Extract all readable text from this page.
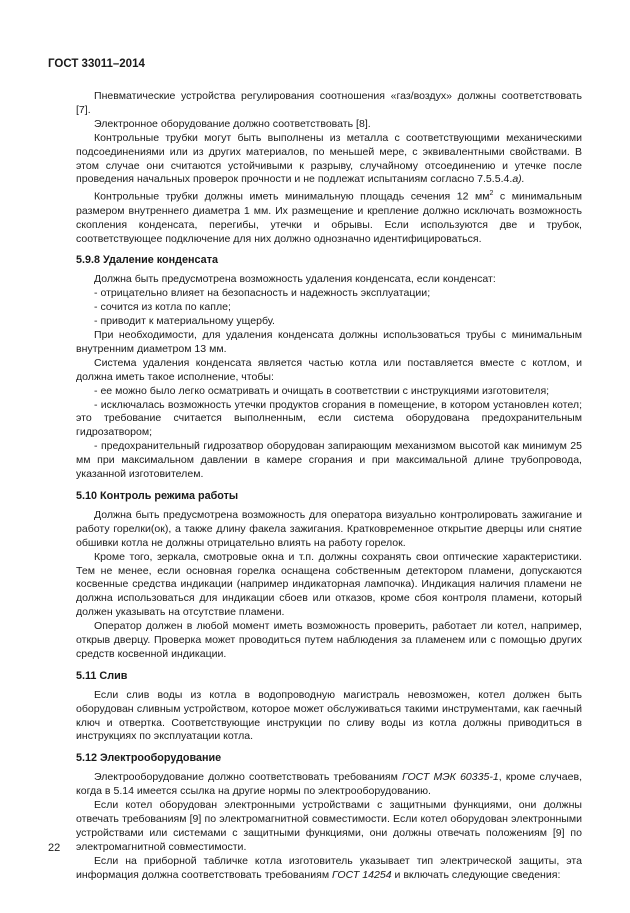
ГОСТ 33011–2014

Пневматические устройства регулирования соотношения «газ/воздух» должны соответствовать [7].

Электронное оборудование должно соответствовать [8].

Контрольные трубки могут быть выполнены из металла с соответствующими механическими подсоединениями или из других материалов, по меньшей мере, с эквивалентными свойствами. В этом случае они считаются устойчивыми к разрыву, случайному отсоединению и утечке после проведения начальных проверок прочности и не подлежат испытаниям согласно 7.5.5.4.а).

Контрольные трубки должны иметь минимальную площадь сечения 12 $мм^2$ с минимальным размером внутреннего диаметра 1 мм. Их размещение и крепление должно исключать возможность скопления конденсата, перегибы, утечки и обрывы. Если используются две и трубок, соответствующее подключение для них должно однозначно идентифицироваться.

5.9.8 Удаление конденсата

Должна быть предусмотрена возможность удаления конденсата, если конденсат:

- отрицательно влияет на безопасность и надежность эксплуатации;

- сочится из котла по капле;

- приводит к материальному ущербу.

При необходимости, для удаления конденсата должны использоваться трубы с минимальным внутренним диаметром 13 мм.

Система удаления конденсата является частью котла или поставляется вместе с котлом, и должна иметь такое исполнение, чтобы:

- ее можно было легко осматривать и очищать в соответствии с инструкциями изготовителя;

- исключалась возможность утечки продуктов сгорания в помещение, в котором установлен котел; это требование считается выполненным, если система оборудована предохранительным гидрозатвором;

- предохранительный гидрозатвор оборудован запирающим механизмом высотой как минимум 25 мм при максимальном давлении в камере сгорания и при максимальной длине трубопровода, указанной изготовителем.

5.10 Контроль режима работы

Должна быть предусмотрена возможность для оператора визуально контролировать зажигание и работу горелки(ок), а также длину факела зажигания. Кратковременное открытие дверцы или снятие обшивки котла не должны отрицательно влиять на работу горелок.

Кроме того, зеркала, смотровые окна и т.п. должны сохранять свои оптические характеристики. Тем не менее, если основная горелка оснащена собственным детектором пламени, допускаются косвенные средства индикации (например индикаторная лампочка). Индикация наличия пламени не должна использоваться для индикации сбоев или отказов, кроме сбоя контроля пламени, который должен указывать на отсутствие пламени.

Оператор должен в любой момент иметь возможность проверить, работает ли котел, например, открыв дверцу. Проверка может проводиться путем наблюдения за пламенем или с помощью других средств косвенной индикации.

5.11 Слив

Если слив воды из котла в водопроводную магистраль невозможен, котел должен быть оборудован сливным устройством, которое может обслуживаться такими инструментами, как гаечный ключ и отвертка. Соответствующие инструкции по сливу воды из котла должны приводиться в инструкциях по эксплуатации котла.

5.12 Электрооборудование

Электрооборудование должно соответствовать требованиям ГОСТ МЭК 60335-1, кроме случаев, когда в 5.14 имеется ссылка на другие нормы по электрооборудованию.

Если котел оборудован электронными устройствами с защитными функциями, они должны отвечать требованиям [9] по электромагнитной совместимости. Если котел оборудован электронными устройствами или системами с защитными функциями, они должны отвечать положениям [9] по электромагнитной совместимости.

Если на приборной табличке котла изготовитель указывает тип электрической защиты, эта информация должна соответствовать требованиям ГОСТ 14254 и включать следующие сведения:

22
